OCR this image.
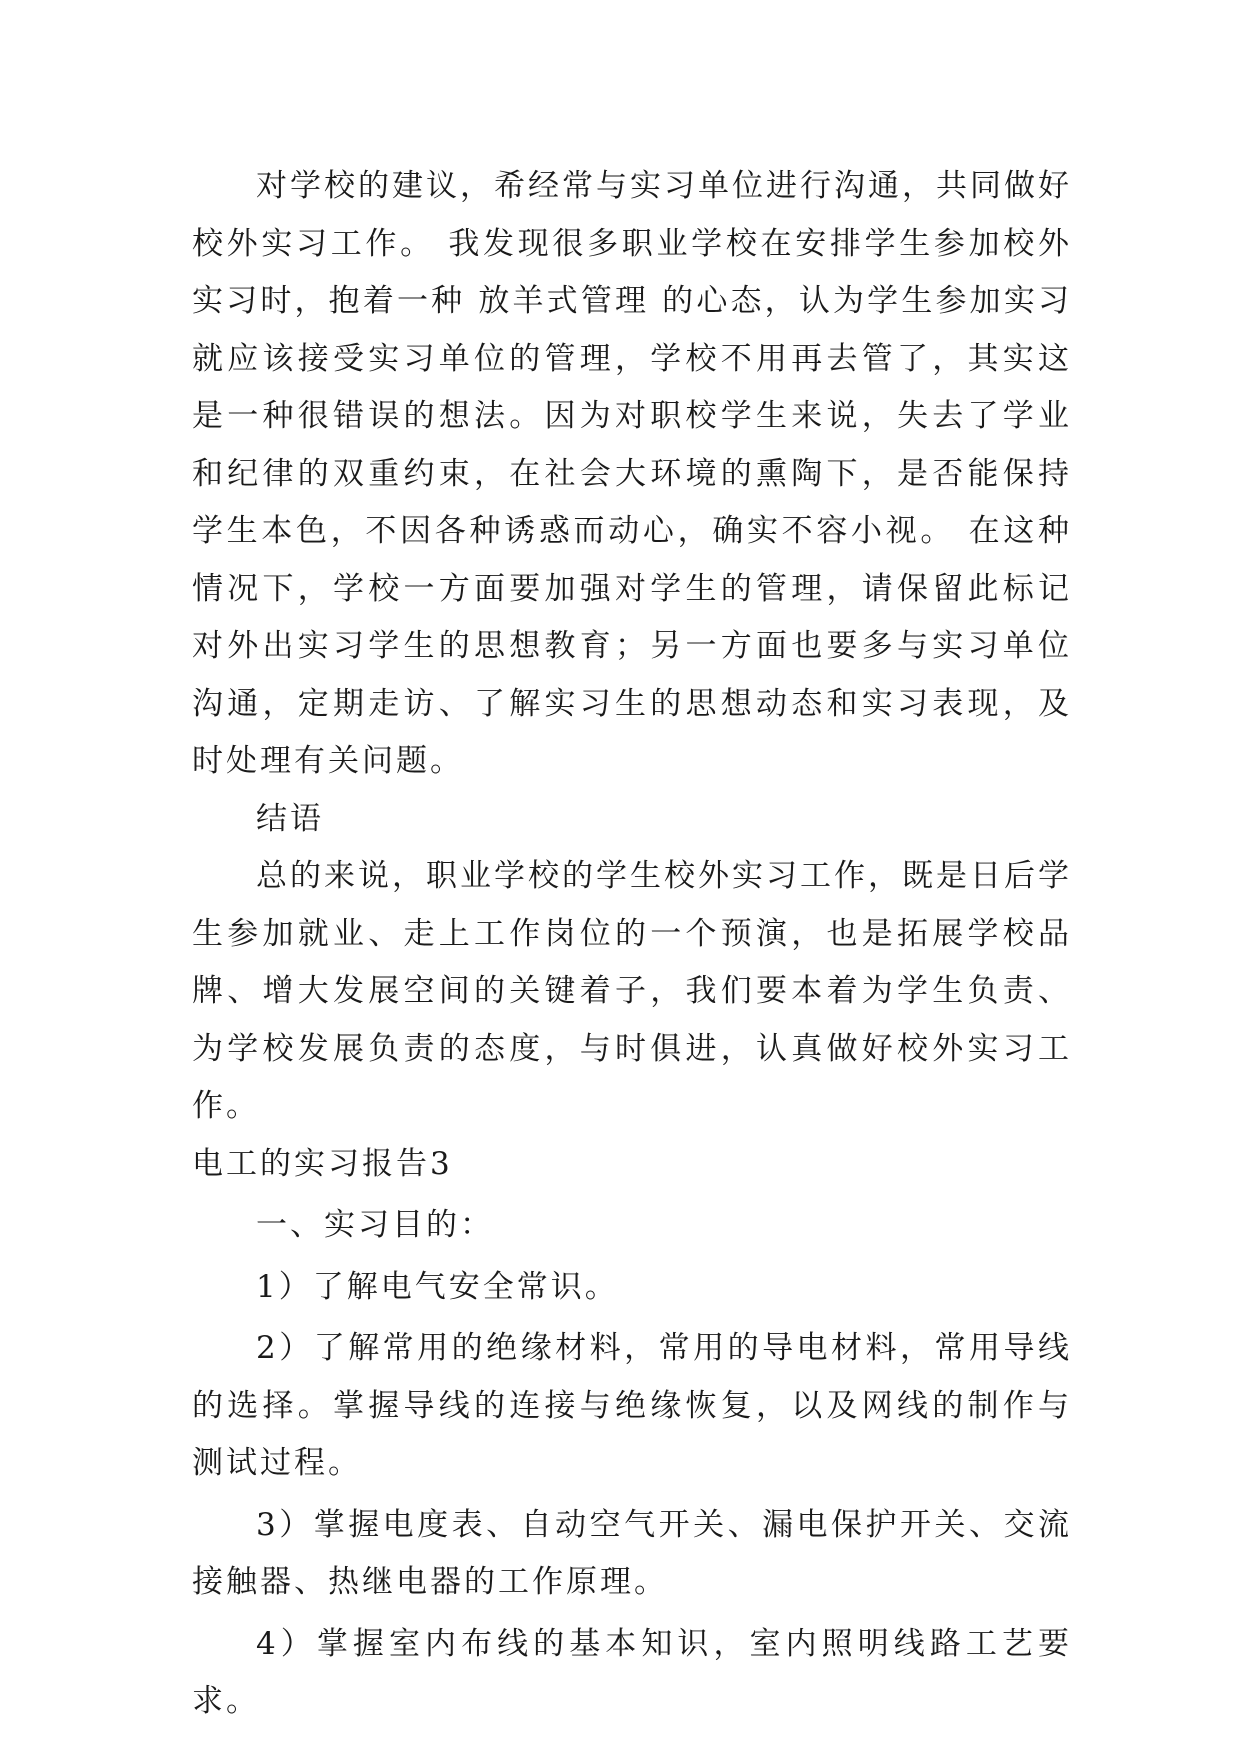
对学校的建议，希经常与实习单位进行沟通，共同做好校外实习工作。 我发现很多职业学校在安排学生参加校外实习时，抱着一种 放羊式管理 的心态，认为学生参加实习就应该接受实习单位的管理，学校不用再去管了，其实这是一种很错误的想法。因为对职校学生来说，失去了学业和纪律的双重约束，在社会大环境的熏陶下，是否能保持学生本色，不因各种诱惑而动心，确实不容小视。 在这种情况下，学校一方面要加强对学生的管理，请保留此标记对外出实习学生的思想教育；另一方面也要多与实习单位沟通，定期走访、了解实习生的思想动态和实习表现，及时处理有关问题。

结语

总的来说，职业学校的学生校外实习工作，既是日后学生参加就业、走上工作岗位的一个预演，也是拓展学校品牌、增大发展空间的关键着子，我们要本着为学生负责、为学校发展负责的态度，与时俱进，认真做好校外实习工作。

电工的实习报告3

一、实习目的：

1）了解电气安全常识。

2）了解常用的绝缘材料，常用的导电材料，常用导线的选择。掌握导线的连接与绝缘恢复，以及网线的制作与测试过程。

3）掌握电度表、自动空气开关、漏电保护开关、交流接触器、热继电器的工作原理。

4）掌握室内布线的基本知识，室内照明线路工艺要求。
